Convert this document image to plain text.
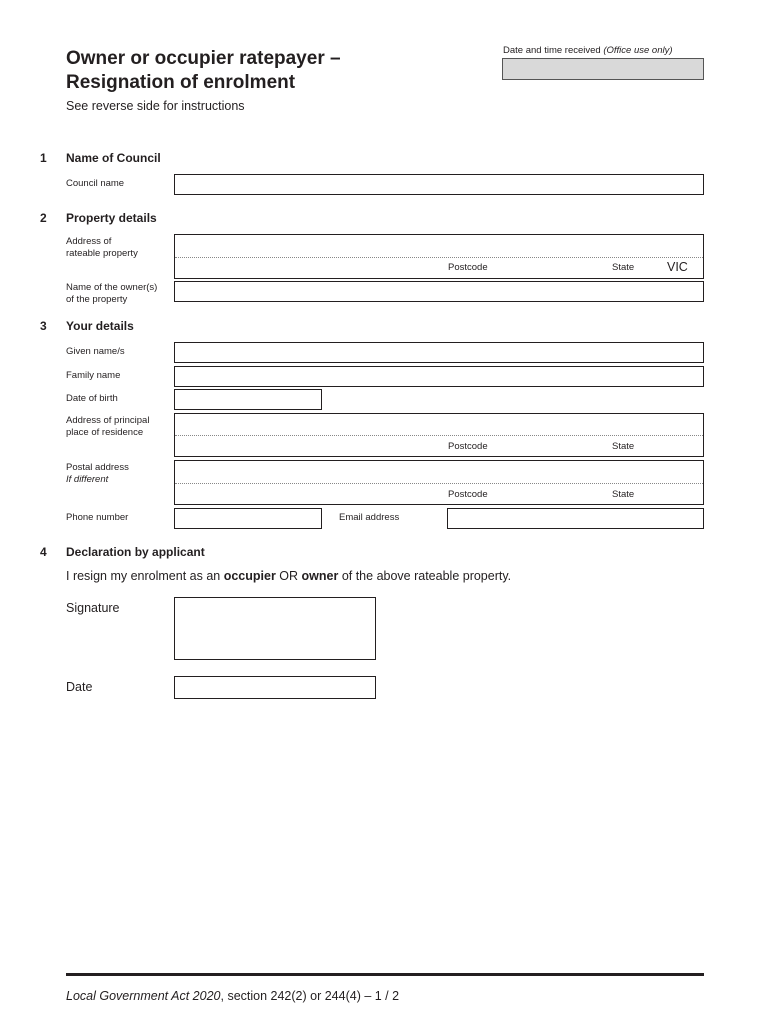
Owner or occupier ratepayer –
Resignation of enrolment
See reverse side for instructions
Date and time received (Office use only)
1 Name of Council
Council name
2 Property details
Address of
rateable property
Postcode	State	VIC
Name of the owner(s)
of the property
3 Your details
Given name/s
Family name
Date of birth
Address of principal
place of residence
Postcode	State
Postal address
If different
Postcode	State
Phone number	Email address
4 Declaration by applicant
I resign my enrolment as an occupier OR owner of the above rateable property.
Signature
Date
Local Government Act 2020, section 242(2) or 244(4) – 1 / 2
